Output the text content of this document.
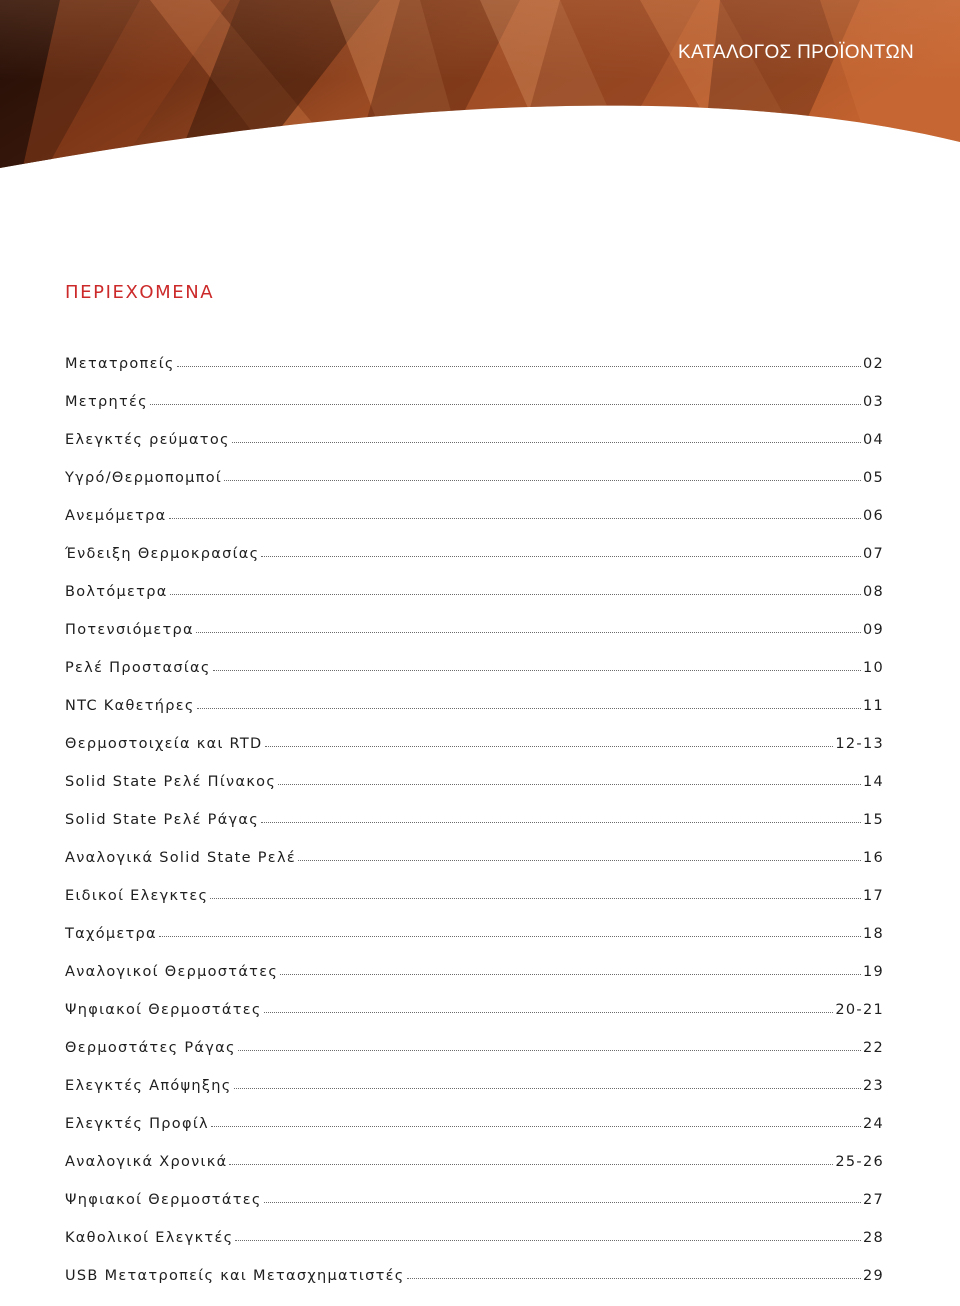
ΚΑΤΑΛΟΓΟΣ ΠΡΟΪΟΝΤΩΝ
ΠΕΡΙΕΧΟΜΕΝΑ
Μετατροπείς	02
Μετρητές	03
Ελεγκτές ρεύματος	04
Υγρό/Θερμοπομποί	05
Ανεμόμετρα	06
Ένδειξη Θερμοκρασίας	07
Βολτόμετρα	08
Ποτενσιόμετρα	09
Ρελέ Προστασίας	10
NTC Καθετήρες	11
Θερμοστοιχεία και RTD	12-13
Solid State Ρελέ Πίνακος	14
Solid State Ρελέ Ράγας	15
Αναλογικά Solid State Ρελέ	16
Ειδικοί Ελεγκτες	17
Ταχόμετρα	18
Αναλογικοί Θερμοστάτες	19
Ψηφιακοί Θερμοστάτες	20-21
Θερμοστάτες Ράγας	22
Ελεγκτές Απόψηξης	23
Ελεγκτές Προφίλ	24
Αναλογικά Χρονικά	25-26
Ψηφιακοί Θερμοστάτες	27
Καθολικοί Ελεγκτές	28
USB Μετατροπείς και Μετασχηματιστές	29
